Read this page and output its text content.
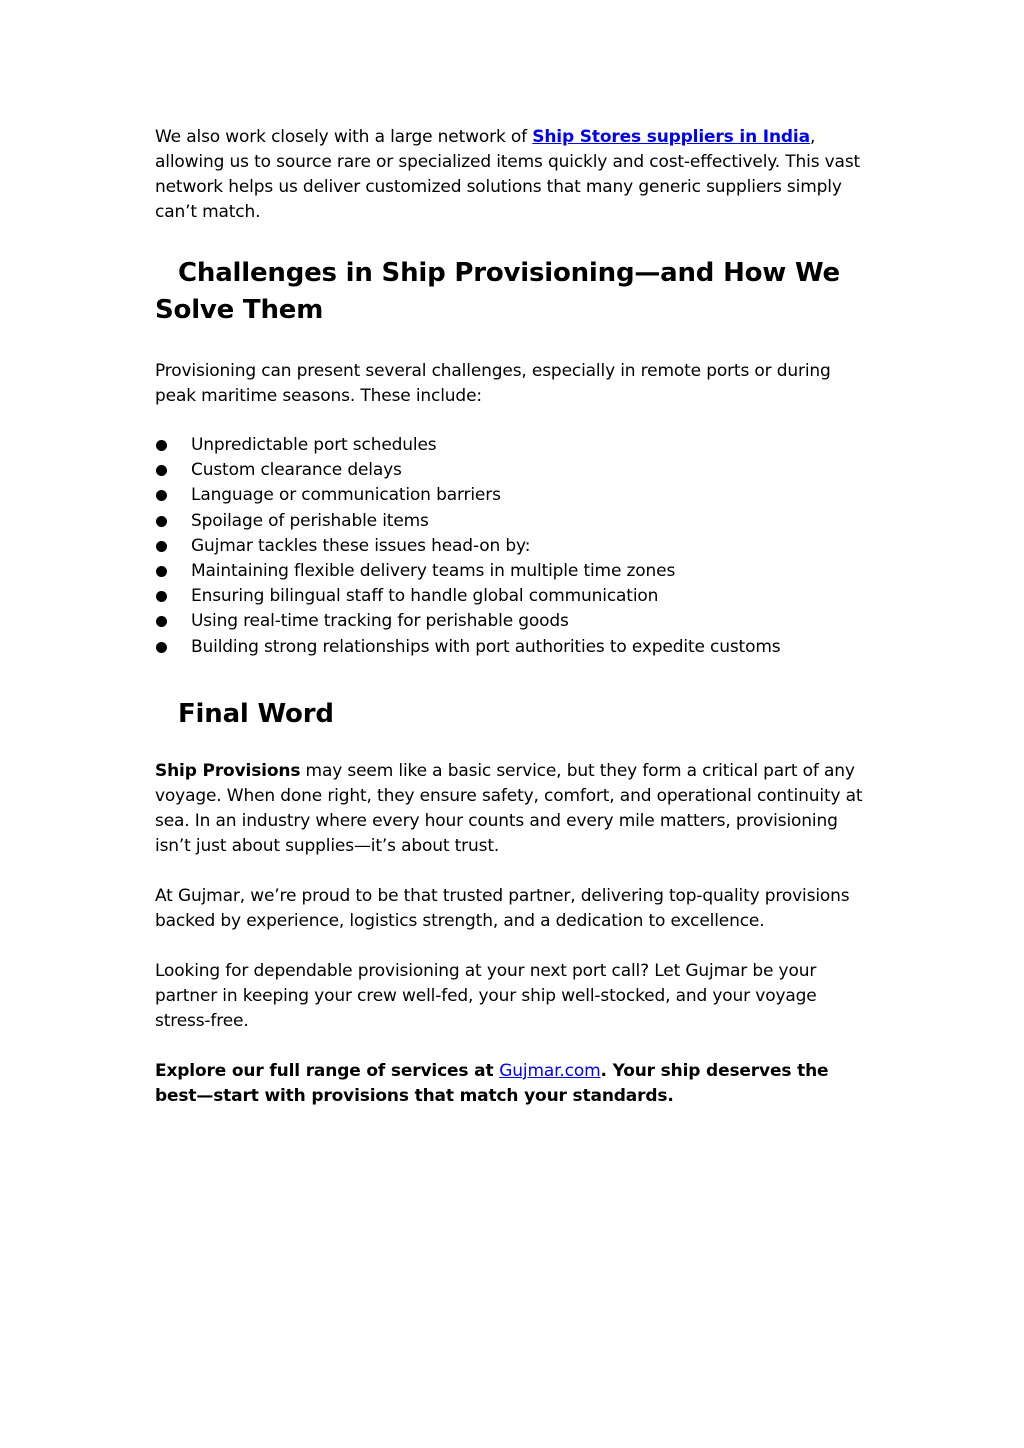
We also work closely with a large network of Ship Stores suppliers in India, allowing us to source rare or specialized items quickly and cost-effectively. This vast network helps us deliver customized solutions that many generic suppliers simply can’t match.

Challenges in Ship Provisioning—and How We Solve Them

Provisioning can present several challenges, especially in remote ports or during peak maritime seasons. These include:

Unpredictable port schedules
Custom clearance delays
Language or communication barriers
Spoilage of perishable items
Gujmar tackles these issues head-on by:
Maintaining flexible delivery teams in multiple time zones
Ensuring bilingual staff to handle global communication
Using real-time tracking for perishable goods
Building strong relationships with port authorities to expedite customs
Final Word

Ship Provisions may seem like a basic service, but they form a critical part of any voyage. When done right, they ensure safety, comfort, and operational continuity at sea. In an industry where every hour counts and every mile matters, provisioning isn’t just about supplies—it’s about trust.

At Gujmar, we’re proud to be that trusted partner, delivering top-quality provisions backed by experience, logistics strength, and a dedication to excellence.

Looking for dependable provisioning at your next port call? Let Gujmar be your partner in keeping your crew well-fed, your ship well-stocked, and your voyage stress-free.

Explore our full range of services at Gujmar.com. Your ship deserves the best—start with provisions that match your standards.
